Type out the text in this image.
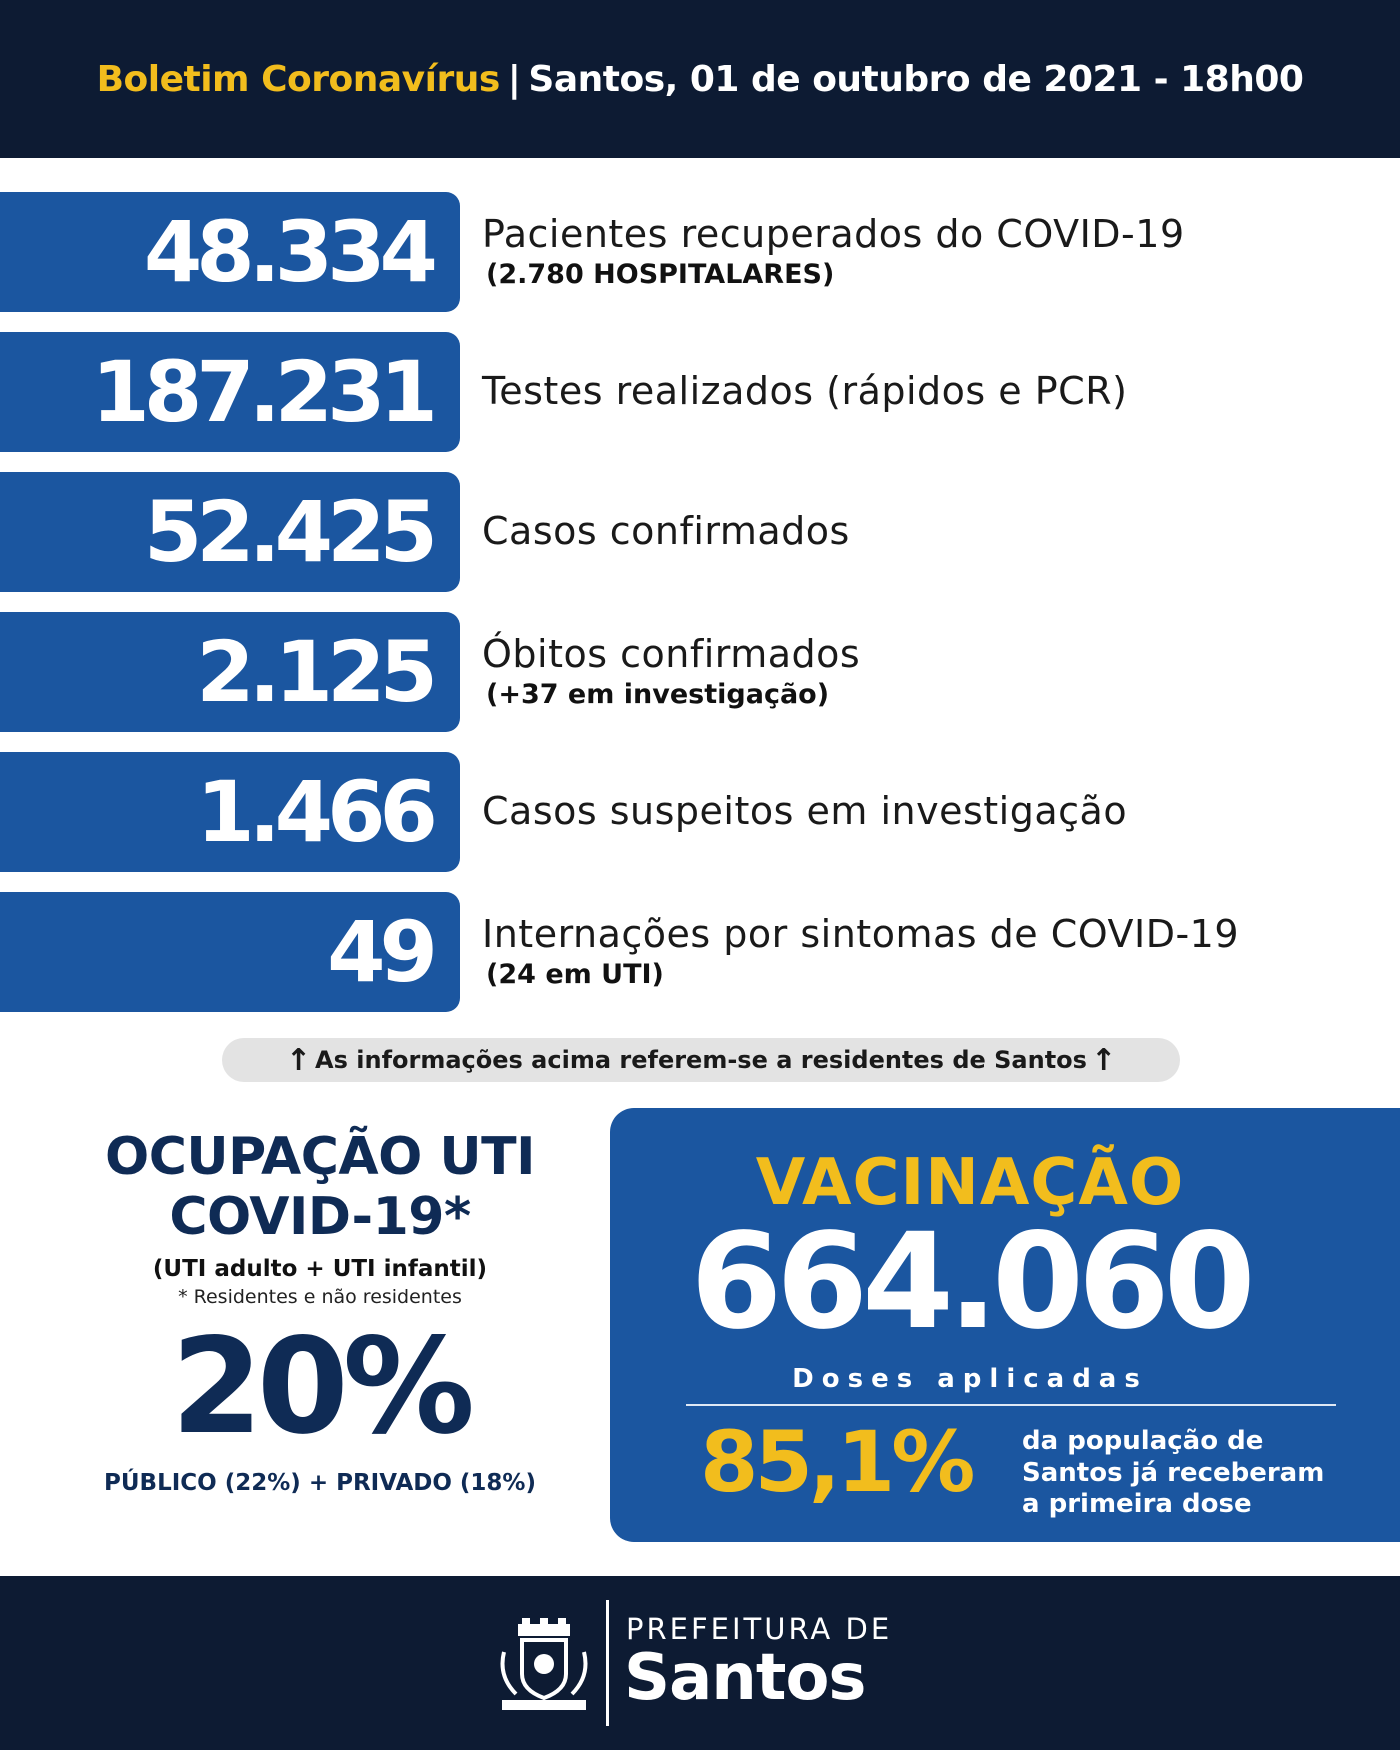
Boletim Coronavírus | Santos, 01 de outubro de 2021 - 18h00
48.334 Pacientes recuperados do COVID-19
(2.780 HOSPITALARES)
187.231 Testes realizados (rápidos e PCR)
52.425 Casos confirmados
2.125 Óbitos confirmados
(+37 em investigação)
1.466 Casos suspeitos em investigação
49 Internações por sintomas de COVID-19
(24 em UTI)
↑ As informações acima referem-se a residentes de Santos ↑
OCUPAÇÃO UTI
COVID-19*
(UTI adulto + UTI infantil)
* Residentes e não residentes
20%
PÚBLICO (22%) + PRIVADO (18%)
VACINAÇÃO
664.060
Doses aplicadas
85,1% da população de
Santos já receberam
a primeira dose
PREFEITURA DE
Santos
